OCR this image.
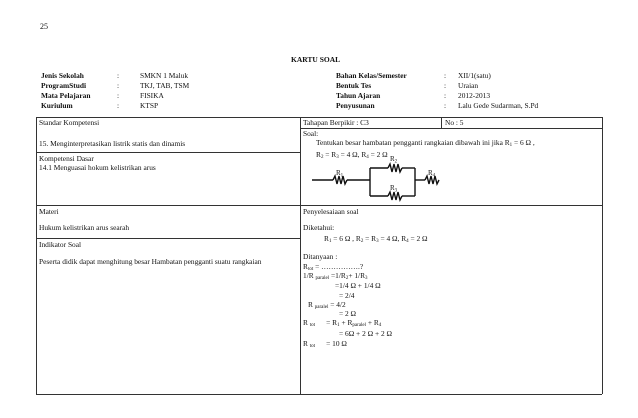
25
KARTU SOAL
Jenis Sekolah	:	SMKN 1 Maluk
ProgramStudi	:	TKJ, TAB, TSM
Mata Pelajaran	:	FISIKA
Kuriulum	:	KTSP
Bahan Kelas/Semester	: XII/1(satu)
Bentuk Tes	: Uraian
Tahun Ajaran	: 2012-2013
Penyusunan	: Lalu Gede Sudarman, S.Pd
Standar Kompetensi
15. Menginterpretasikan listrik statis dan dinamis
Kompetensi Dasar
14.1 Menguasai hokum kelistrikan arus
Materi
Hukum kelistrikan arus searah
Indikator Soal
Peserta didik dapat menghitung besar Hambatan pengganti suatu rangkaian
Tahapan Berpikir : C3	No : 5
Soal:
Tentukan besar hambatan pengganti rangkaian dibawah ini jika $R_1 = 6$ Ω ,
$R_2 = R_3 = 4$ Ω, $R_4 = 2$ Ω
$R_1$
$R_2$
$R_3$
$R_4$
Penyelesaiaan soal
Diketahui:
$R_1 = 6$ Ω , $R_2 = R_3 = 4$ Ω, $R_4 = 2$ Ω
Ditanyaan :
$R_{tot}$ = …………….?
1/R $_{paralel} =1/R_2+ 1/R_3$
=1/4 Ω + 1/4 Ω
= 2/4
R $_{paralel}$ = 4/2
= 2 Ω
R $_{tot}$      = $R_1 + R_{paralel} + R_4$
= 6Ω + 2 Ω + 2 Ω
R $_{tot}$      = 10 Ω
